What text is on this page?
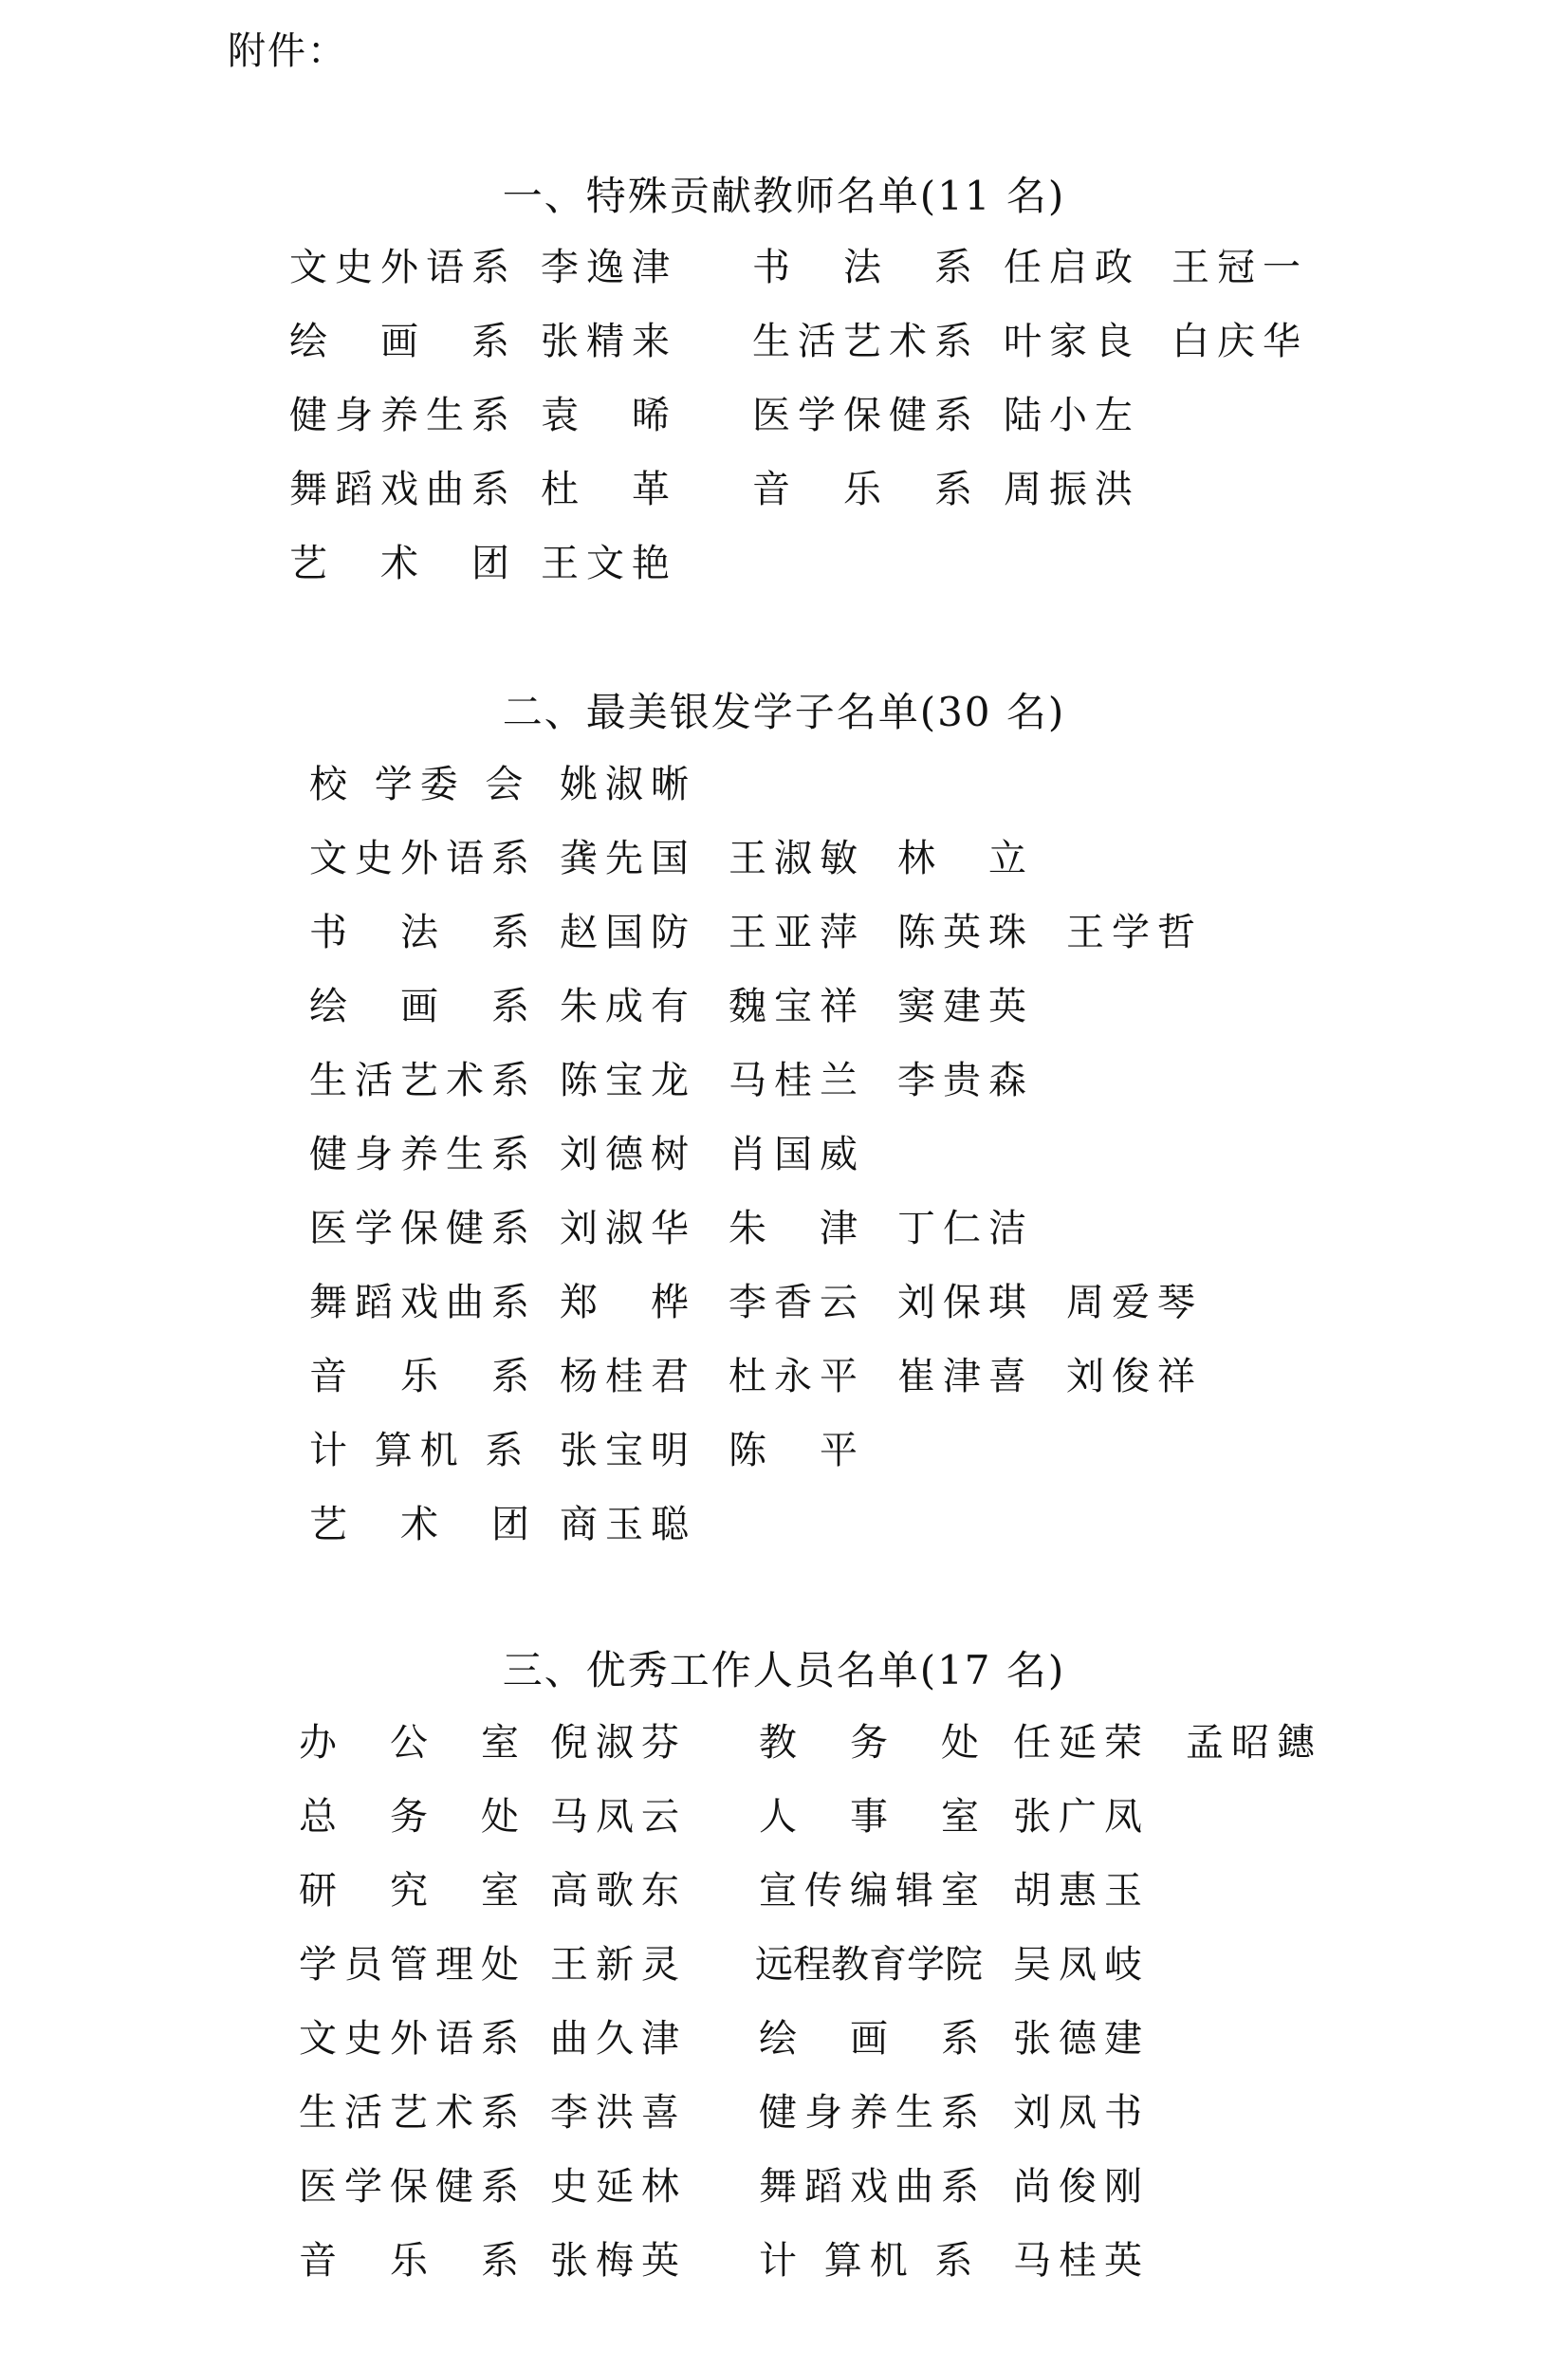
附件：
一、特殊贡献教师名单(11 名)
文史外语系 李逸津 书　法　系 任启政 王冠一
绘　画　系 张精来 生活艺术系 叶家良 白庆华
健身养生系 袁　晞 医学保健系 陆小左
舞蹈戏曲系 杜　革 音　乐　系 周振洪
艺　术　团 王文艳
二、最美银发学子名单(30 名)
校 学委 会 姚淑晰
文史外语系 龚先国 王淑敏 林　立
书　法　系 赵国防 王亚萍 陈英珠 王学哲
绘　画　系 朱成有 魏宝祥 窦建英
生活艺术系 陈宝龙 马桂兰 李贵森
健身养生系 刘德树 肖国威
医学保健系 刘淑华 朱　津 丁仁洁
舞蹈戏曲系 郑　桦 李香云 刘保琪 周爱琴
音　乐　系 杨桂君 杜永平 崔津喜 刘俊祥
计 算机 系 张宝明 陈　平
艺　术　团 商玉聪
三、优秀工作人员名单(17 名)
办　公　室 倪淑芬 教　务　处 任延荣 孟昭鏸
总　务　处 马凤云 人　事　室 张广凤
研　究　室 高歌东 宣传编辑室 胡惠玉
学员管理处 王新灵 远程教育学院 吴凤岐
文史外语系 曲久津 绘　画　系 张德建
生活艺术系 李洪喜 健身养生系 刘凤书
医学保健系 史延林 舞蹈戏曲系 尚俊刚
音　乐　系 张梅英 计 算机 系 马桂英
